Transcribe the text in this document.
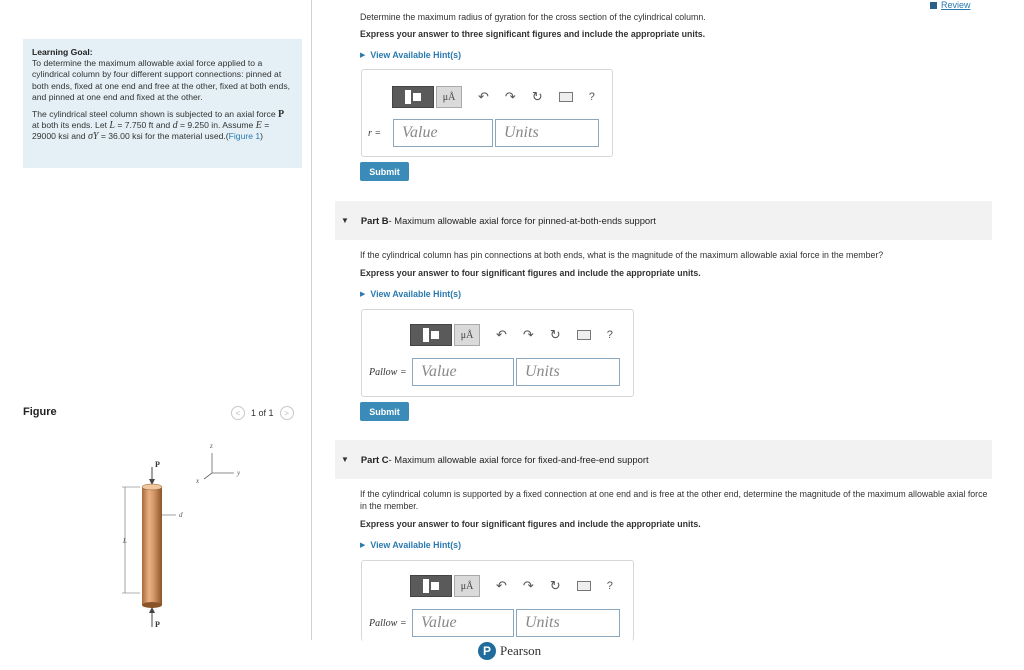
Learning Goal:

To determine the maximum allowable axial force applied to a cylindrical column by four different support connections: pinned at both ends, fixed at one end and free at the other, fixed at both ends, and pinned at one end and fixed at the other.

The cylindrical steel column shown is subjected to an axial force P at both its ends. Let L = 7.750 ft and d = 9.250 in. Assume E = 29000 ksi and σY = 36.00 ksi for the material used.(Figure 1)

Figure	<	1 of 1	>
z
y
x
P
d
L
P
Review
Determine the maximum radius of gyration for the cross section of the cylindrical column.
Express your answer to three significant figures and include the appropriate units.
▶ View Available Hint(s)
μÅ	↶ ↷ ↻	?
r =	Value	Units
Submit
▼ Part B - Maximum allowable axial force for pinned-at-both-ends support
If the cylindrical column has pin connections at both ends, what is the magnitude of the maximum allowable axial force in the member?
Express your answer to four significant figures and include the appropriate units.
▶ View Available Hint(s)
μÅ	↶ ↷ ↻	?
Pallow = Value	Units
Submit
▼ Part C - Maximum allowable axial force for fixed-and-free-end support
If the cylindrical column is supported by a fixed connection at one end and is free at the other end, determine the magnitude of the maximum allowable axial force in the member.
Express your answer to four significant figures and include the appropriate units.
▶ View Available Hint(s)
μÅ	↶ ↷ ↻	?
Pallow = Value	Units
P Pearson
